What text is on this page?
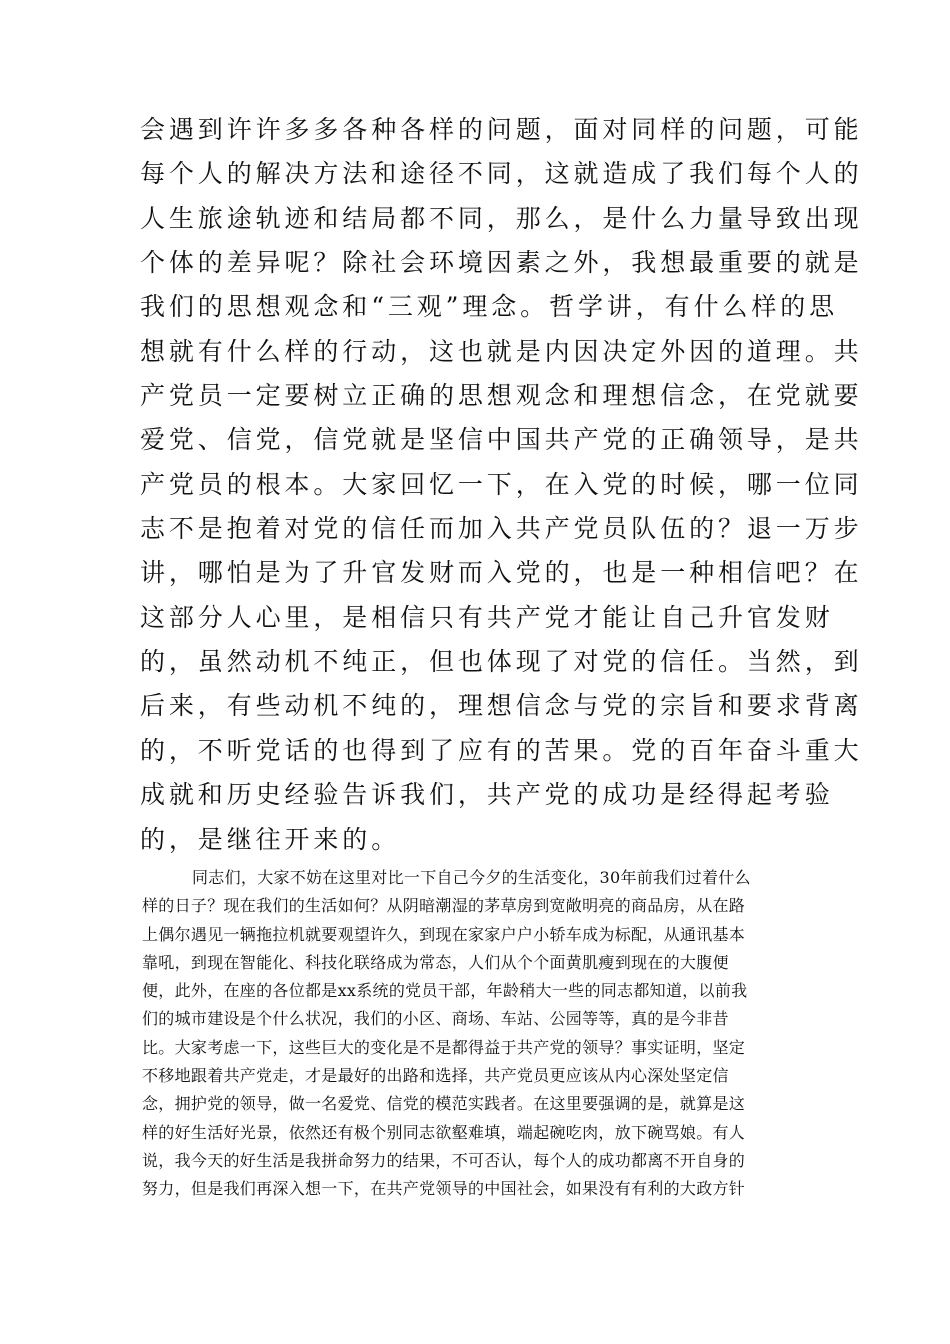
会遇到许许多多各种各样的问题，面对同样的问题，可能
每个人的解决方法和途径不同，这就造成了我们每个人的
人生旅途轨迹和结局都不同，那么，是什么力量导致出现
个体的差异呢？除社会环境因素之外，我想最重要的就是
我们的思想观念和“三观”理念。哲学讲，有什么样的思
想就有什么样的行动，这也就是内因决定外因的道理。共
产党员一定要树立正确的思想观念和理想信念，在党就要
爱党、信党，信党就是坚信中国共产党的正确领导，是共
产党员的根本。大家回忆一下，在入党的时候，哪一位同
志不是抱着对党的信任而加入共产党员队伍的？退一万步
讲，哪怕是为了升官发财而入党的，也是一种相信吧？在
这部分人心里，是相信只有共产党才能让自己升官发财
的，虽然动机不纯正，但也体现了对党的信任。当然，到
后来，有些动机不纯的，理想信念与党的宗旨和要求背离
的，不听党话的也得到了应有的苦果。党的百年奋斗重大
成就和历史经验告诉我们，共产党的成功是经得起考验
的，是继往开来的。
同志们，大家不妨在这里对比一下自己今夕的生活变化，30年前我们过着什么
样的日子？现在我们的生活如何？从阴暗潮湿的茅草房到宽敞明亮的商品房，从在路
上偶尔遇见一辆拖拉机就要观望许久，到现在家家户户小轿车成为标配，从通讯基本
靠吼，到现在智能化、科技化联络成为常态，人们从个个面黄肌瘦到现在的大腹便
便，此外，在座的各位都是xx系统的党员干部，年龄稍大一些的同志都知道，以前我
们的城市建设是个什么状况，我们的小区、商场、车站、公园等等，真的是今非昔
比。大家考虑一下，这些巨大的变化是不是都得益于共产党的领导？事实证明，坚定
不移地跟着共产党走，才是最好的出路和选择，共产党员更应该从内心深处坚定信
念，拥护党的领导，做一名爱党、信党的模范实践者。在这里要强调的是，就算是这
样的好生活好光景，依然还有极个别同志欲壑难填，端起碗吃肉，放下碗骂娘。有人
说，我今天的好生活是我拼命努力的结果，不可否认，每个人的成功都离不开自身的
努力，但是我们再深入想一下，在共产党领导的中国社会，如果没有有利的大政方针
